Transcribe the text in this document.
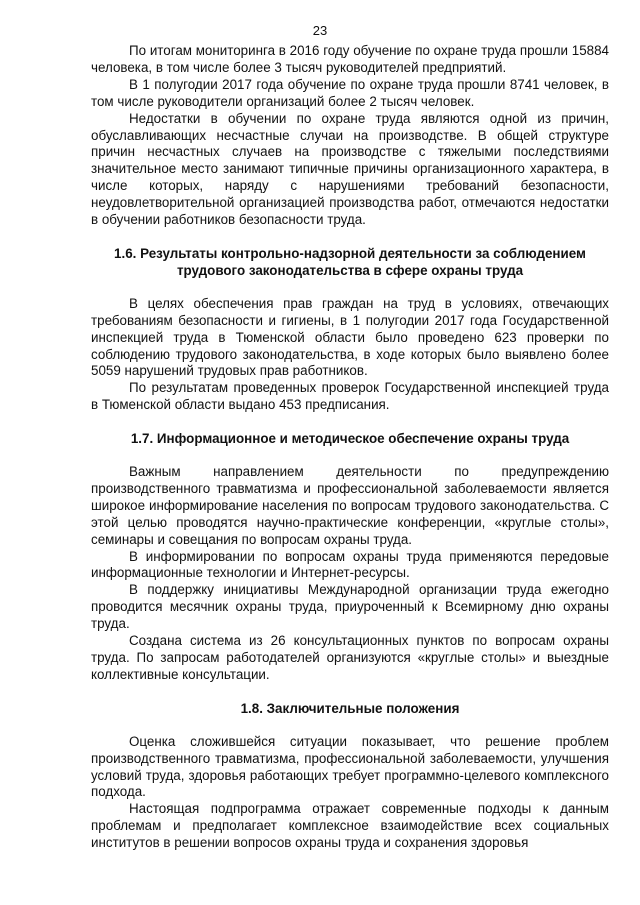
23

По итогам мониторинга в 2016 году обучение по охране труда прошли 15884 человека, в том числе более 3 тысяч руководителей предприятий.

В 1 полугодии 2017 года обучение по охране труда прошли 8741 человек, в том числе руководители организаций более 2 тысяч человек.

Недостатки в обучении по охране труда являются одной из причин, обуславливающих несчастные случаи на производстве. В общей структуре причин несчастных случаев на производстве с тяжелыми последствиями значительное место занимают типичные причины организационного характера, в числе которых, наряду с нарушениями требований безопасности, неудовлетворительной организацией производства работ, отмечаются недостатки в обучении работников безопасности труда.

1.6. Результаты контрольно-надзорной деятельности за соблюдением трудового законодательства в сфере охраны труда

В целях обеспечения прав граждан на труд в условиях, отвечающих требованиям безопасности и гигиены, в 1 полугодии 2017 года Государственной инспекцией труда в Тюменской области было проведено 623 проверки по соблюдению трудового законодательства, в ходе которых было выявлено более 5059 нарушений трудовых прав работников.

По результатам проведенных проверок Государственной инспекцией труда в Тюменской области выдано 453 предписания.

1.7. Информационное и методическое обеспечение охраны труда

Важным направлением деятельности по предупреждению производственного травматизма и профессиональной заболеваемости является широкое информирование населения по вопросам трудового законодательства. С этой целью проводятся научно-практические конференции, «круглые столы», семинары и совещания по вопросам охраны труда.

В информировании по вопросам охраны труда применяются передовые информационные технологии и Интернет-ресурсы.

В поддержку инициативы Международной организации труда ежегодно проводится месячник охраны труда, приуроченный к Всемирному дню охраны труда.

Создана система из 26 консультационных пунктов по вопросам охраны труда. По запросам работодателей организуются «круглые столы» и выездные коллективные консультации.

1.8. Заключительные положения

Оценка сложившейся ситуации показывает, что решение проблем производственного травматизма, профессиональной заболеваемости, улучшения условий труда, здоровья работающих требует программно-целевого комплексного подхода.

Настоящая подпрограмма отражает современные подходы к данным проблемам и предполагает комплексное взаимодействие всех социальных институтов в решении вопросов охраны труда и сохранения здоровья
